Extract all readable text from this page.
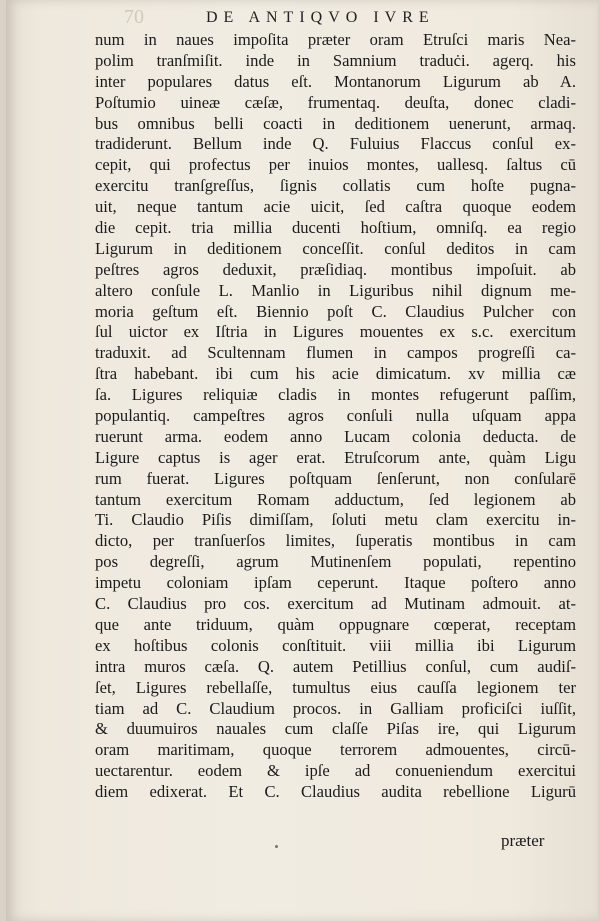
70	DE ANTIQVO IVRE
num in naues impoſita præter oram Etruſci maris Nea-
polim tranſmiſit. inde in Samnium traduċi. agerq. his
inter populares datus eſt. Montanorum Ligurum ab A.
Poſtumio uineæ cæſæ, frumentaq. deuſta, donec cladi-
bus omnibus belli coacti in deditionem uenerunt, armaq.
tradiderunt. Bellum inde Q. Fuluius Flaccus conſul ex-
cepit, qui profectus per inuios montes, uallesq. ſaltus cū
exercitu tranſgreſſus, ſignis collatis cum hoſte pugna-
uit, neque tantum acie uicit, ſed caſtra quoque eodem
die cepit. tria millia ducenti hoſtium, omniſq. ea regio
Ligurum in deditionem conceſſit. conſul deditos in cam
peſtres agros deduxit, præſidiaq. montibus impoſuit. ab
altero conſule L. Manlio in Liguribus nihil dignum me-
moria geſtum eſt. Biennio poſt C. Claudius Pulcher con
ſul uictor ex Iſtria in Ligures mouentes ex s.c. exercitum
traduxit. ad Scultennam flumen in campos progreſſi ca-
ſtra habebant. ibi cum his acie dimicatum. xv millia cæ
ſa. Ligures reliquiæ cladis in montes refugerunt paſſim,
populantiq. campeſtres agros conſuli nulla uſquam appa
ruerunt arma. eodem anno Lucam colonia deducta. de
Ligure captus is ager erat. Etruſcorum ante, quàm Ligu
rum fuerat. Ligures poſtquam ſenſerunt, non conſularē
tantum exercitum Romam adductum, ſed legionem ab
Ti. Claudio Piſis dimiſſam, ſoluti metu clam exercitu in-
dicto, per tranſuerſos limites, ſuperatis montibus in cam
pos degreſſi, agrum Mutinenſem populati, repentino
impetu coloniam ipſam ceperunt. Itaque poſtero anno
C. Claudius pro cos. exercitum ad Mutinam admouit. at-
que ante triduum, quàm oppugnare cœperat, receptam
ex hoſtibus colonis conſtituit. viii millia ibi Ligurum
intra muros cæſa. Q. autem Petillius conſul, cum audiſ-
ſet, Ligures rebellaſſe, tumultus eius cauſſa legionem ter
tiam ad C. Claudium procos. in Galliam proficiſci iuſſit,
& duumuiros nauales cum claſſe Piſas ire, qui Ligurum
oram maritimam, quoque terrorem admouentes, circū-
uectarentur. eodem & ipſe ad conueniendum exercitui
diem edixerat. Et C. Claudius audita rebellione Ligurū
præter
